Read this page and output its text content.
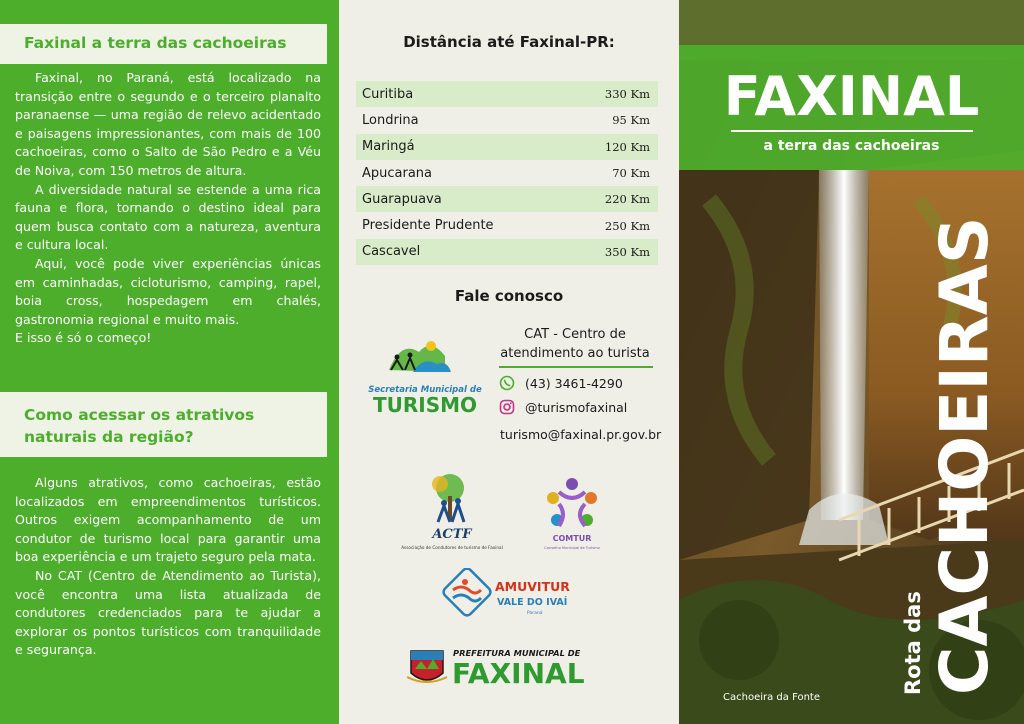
Faxinal a terra das cachoeiras

Faxinal, no Paraná, está localizado na transição entre o segundo e o terceiro planalto paranaense — uma região de relevo acidentado e paisagens impressionantes, com mais de 100 cachoeiras, como o Salto de São Pedro e a Véu de Noiva, com 150 metros de altura.

A diversidade natural se estende a uma rica fauna e flora, tornando o destino ideal para quem busca contato com a natureza, aventura e cultura local.

Aqui, você pode viver experiências únicas em caminhadas, cicloturismo, camping, rapel, boia cross, hospedagem em chalés, gastronomia regional e muito mais.

E isso é só o começo!

Como acessar os atrativos naturais da região?

Alguns atrativos, como cachoeiras, estão localizados em empreendimentos turísticos. Outros exigem acompanhamento de um condutor de turismo local para garantir uma boa experiência e um trajeto seguro pela mata.

No CAT (Centro de Atendimento ao Turista), você encontra uma lista atualizada de condutores credenciados para te ajudar a explorar os pontos turísticos com tranquilidade e segurança.

Distância até Faxinal-PR:
Curitiba	330 Km
Londrina	95 Km
Maringá	120 Km
Apucarana	70 Km
Guarapuava	220 Km
Presidente Prudente	250 Km
Cascavel	350 Km
Fale conosco
Secretaria Municipal de
TURISMO
CAT - Centro de atendimento ao turista
(43) 3461-4290
@turismofaxinal
turismo@faxinal.pr.gov.br
ACTF
Associação de Condutores de turismo de Faxinal
COMTUR
Conselho Municipal de Turismo
AMUVITUR
VALE DO IVAÍ
Paraná
PREFEITURA MUNICIPAL DE
FAXINAL
FAXINAL
a terra das cachoeiras
Rota das CACHOEIRAS
Cachoeira da Fonte
